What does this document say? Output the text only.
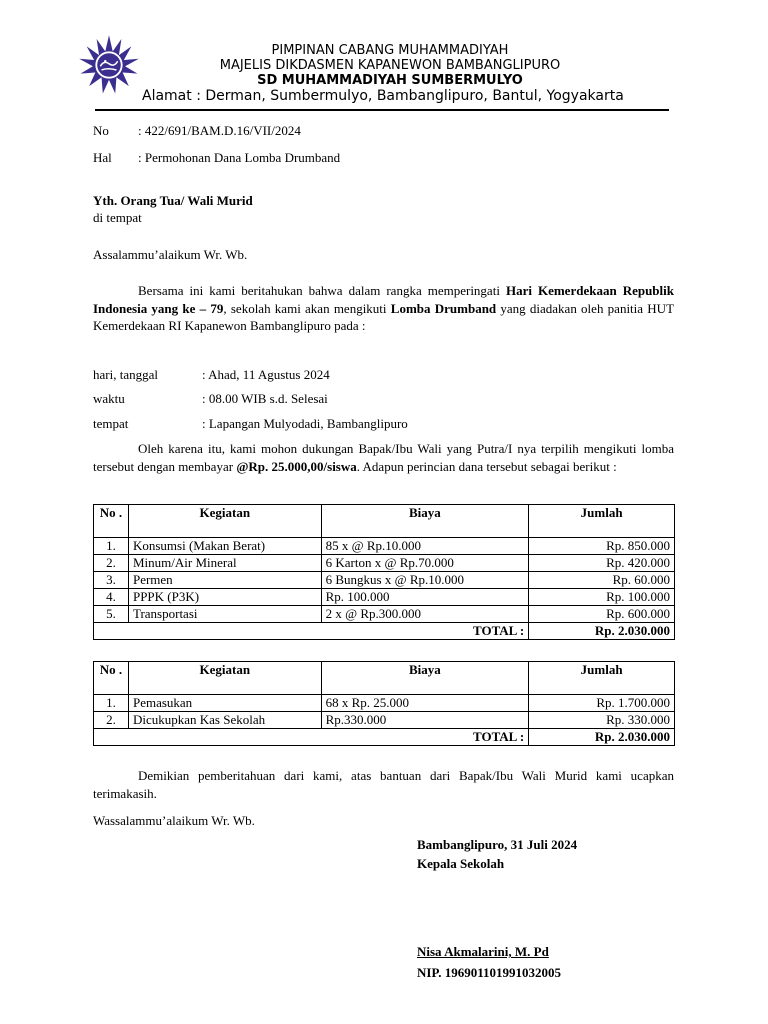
PIMPINAN CABANG MUHAMMADIYAH
MAJELIS DIKDASMEN KAPANEWON BAMBANGLIPURO
SD MUHAMMADIYAH SUMBERMULYO
Alamat : Derman, Sumbermulyo, Bambanglipuro, Bantul, Yogyakarta
No : 422/691/BAM.D.16/VII/2024
Hal : Permohonan Dana Lomba Drumband
Yth. Orang Tua/ Wali Murid
di tempat
Assalammu’alaikum Wr. Wb.
Bersama ini kami beritahukan bahwa dalam rangka memperingati Hari Kemerdekaan Republik Indonesia yang ke – 79, sekolah kami akan mengikuti Lomba Drumband yang diadakan oleh panitia HUT Kemerdekaan RI Kapanewon Bambanglipuro pada :
hari, tanggal	: Ahad, 11 Agustus 2024
waktu	: 08.00 WIB s.d. Selesai
tempat	: Lapangan Mulyodadi, Bambanglipuro
Oleh karena itu, kami mohon dukungan Bapak/Ibu Wali yang Putra/I nya terpilih mengikuti lomba tersebut dengan membayar @Rp. 25.000,00/siswa. Adapun perincian dana tersebut sebagai berikut :
No .	Kegiatan	Biaya	Jumlah
1.	Konsumsi (Makan Berat)	85 x @ Rp.10.000	Rp. 850.000
2.	Minum/Air Mineral	6 Karton x @ Rp.70.000	Rp. 420.000
3.	Permen	6 Bungkus x @ Rp.10.000	Rp. 60.000
4.	PPPK (P3K)	Rp. 100.000	Rp. 100.000
5.	Transportasi	2 x @ Rp.300.000	Rp. 600.000
TOTAL :			Rp. 2.030.000
No .	Kegiatan	Biaya	Jumlah
1.	Pemasukan	68 x Rp. 25.000	Rp. 1.700.000
2.	Dicukupkan Kas Sekolah	Rp.330.000	Rp. 330.000
TOTAL :			Rp. 2.030.000
Demikian pemberitahuan dari kami, atas bantuan dari Bapak/Ibu Wali Murid kami ucapkan terimakasih.
Wassalammu’alaikum Wr. Wb.
Bambanglipuro, 31 Juli 2024
Kepala Sekolah
Nisa Akmalarini, M. Pd
NIP. 196901101991032005
